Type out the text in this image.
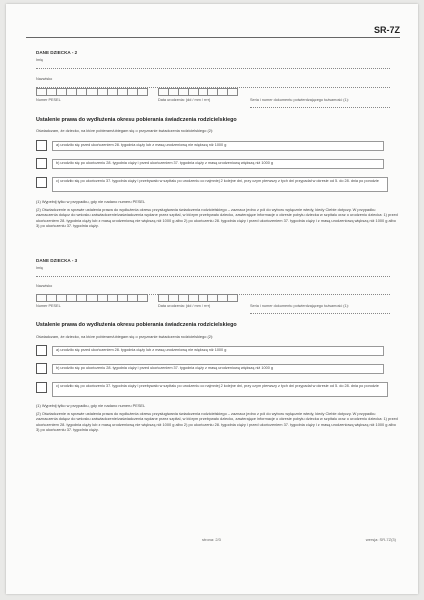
SR-7Z
DANE DZIECKA - 2
Imię
Nazwisko
Numer PESEL	Data urodzenia: (dd / mm / rrrr)	Seria i numer dokumentu potwierdzającego tożsamość (1):
Ustalenie prawa do wydłużenia okresu pobierania świadczenia rodzicielskiego
Oświadczam, że dziecko, na które pobieram/ubiegam się o przyznanie świadczenia rodzicielskiego (2):
a) urodziło się przed ukończeniem 28. tygodnia ciąży lub z masą urodzeniową nie większą niż 1000 g
b) urodziło się po ukończeniu 28. tygodnia ciąży i przed ukończeniem 37. tygodnia ciąży z masą urodzeniową większą niż 1000 g
c) urodziło się po ukończeniu 37. tygodnia ciąży i przebywało w szpitalu po urodzeniu co najmniej 2 kolejne dni, przy czym pierwszy z tych dni przypadał w okresie od 5. do 28. dnia po porodzie
(1) Wypełnij tylko w przypadku, gdy nie nadano numeru PESEL
(2) Oświadczenie w sprawie ustalenia prawa do wydłużenia okresu przysługiwania świadczenia rodzicielskiego – zaznacz jedno z pól do wyboru wyłącznie wtedy, kiedy Ciebie dotyczy. W przypadku zaznaczenia dołącz do wniosku zaświadczenie/zaświadczenia wydane przez szpital, w którym przebywało dziecko, zawierające informacje o okresie pobytu dziecka w szpitalu oraz o urodzeniu dziecka: 1) przed ukończeniem 28. tygodnia ciąży lub z masą urodzeniową nie większą niż 1000 g albo 2) po ukończeniu 28. tygodnia ciąży i przed ukończeniem 37. tygodnia ciąży i z masą urodzeniową większą niż 1000 g albo 3) po ukończeniu 37. tygodnia ciąży.
DANE DZIECKA - 3
Imię
Nazwisko
Numer PESEL	Data urodzenia: (dd / mm / rrrr)	Seria i numer dokumentu potwierdzającego tożsamość (1):
Ustalenie prawa do wydłużenia okresu pobierania świadczenia rodzicielskiego
Oświadczam, że dziecko, na które pobieram/ubiegam się o przyznanie świadczenia rodzicielskiego (2):
a) urodziło się przed ukończeniem 28. tygodnia ciąży lub z masą urodzeniową nie większą niż 1000 g
b) urodziło się po ukończeniu 28. tygodnia ciąży i przed ukończeniem 37. tygodnia ciąży z masą urodzeniową większą niż 1000 g
c) urodziło się po ukończeniu 37. tygodnia ciąży i przebywało w szpitalu po urodzeniu co najmniej 2 kolejne dni, przy czym pierwszy z tych dni przypadał w okresie od 5. do 28. dnia po porodzie
(1) Wypełnij tylko w przypadku, gdy nie nadano numeru PESEL
(2) Oświadczenie w sprawie ustalenia prawa do wydłużenia okresu przysługiwania świadczenia rodzicielskiego – zaznacz jedno z pól do wyboru wyłącznie wtedy, kiedy Ciebie dotyczy. W przypadku zaznaczenia dołącz do wniosku zaświadczenie/zaświadczenia wydane przez szpital, w którym przebywało dziecko, zawierające informacje o okresie pobytu dziecka w szpitalu oraz o urodzeniu dziecka: 1) przed ukończeniem 28. tygodnia ciąży lub z masą urodzeniową nie większą niż 1000 g albo 2) po ukończeniu 28. tygodnia ciąży i przed ukończeniem 37. tygodnia ciąży i z masą urodzeniową większą niż 1000 g albo 3) po ukończeniu 37. tygodnia ciąży.
strona: 2/3	wersja: SR-7Z(3)
